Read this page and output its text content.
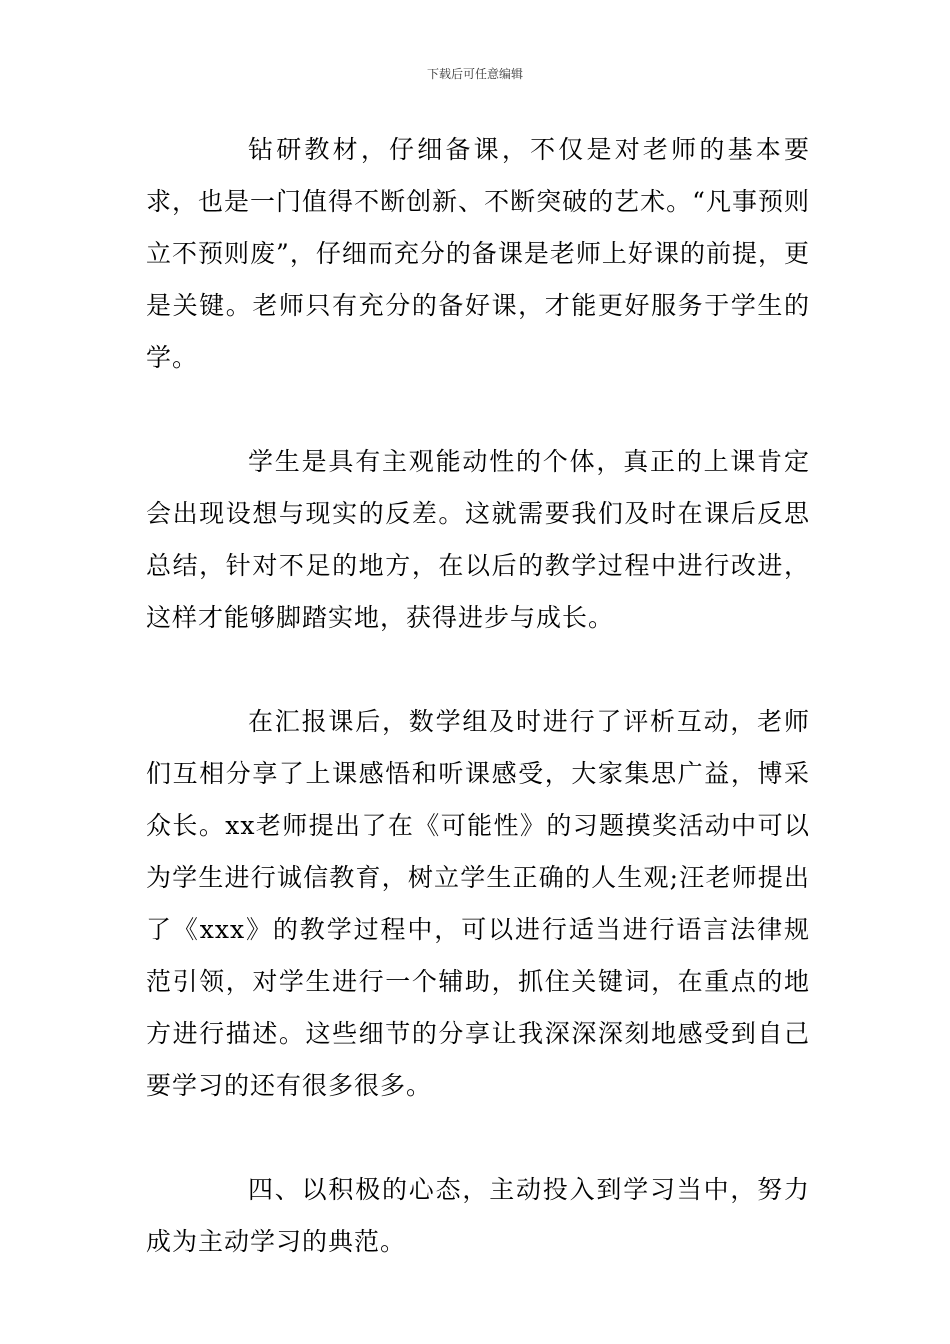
下载后可任意编辑

钻研教材，仔细备课，不仅是对老师的基本要求，也是一门值得不断创新、不断突破的艺术。“凡事预则立不预则废”，仔细而充分的备课是老师上好课的前提，更是关键。老师只有充分的备好课，才能更好服务于学生的学。

学生是具有主观能动性的个体，真正的上课肯定会出现设想与现实的反差。这就需要我们及时在课后反思总结，针对不足的地方，在以后的教学过程中进行改进，这样才能够脚踏实地，获得进步与成长。

在汇报课后，数学组及时进行了评析互动，老师们互相分享了上课感悟和听课感受，大家集思广益，博采众长。xx老师提出了在《可能性》的习题摸奖活动中可以为学生进行诚信教育，树立学生正确的人生观;汪老师提出了《xxx》的教学过程中，可以进行适当进行语言法律规范引领，对学生进行一个辅助，抓住关键词，在重点的地方进行描述。这些细节的分享让我深深深刻地感受到自己要学习的还有很多很多。

四、以积极的心态，主动投入到学习当中，努力成为主动学习的典范。
